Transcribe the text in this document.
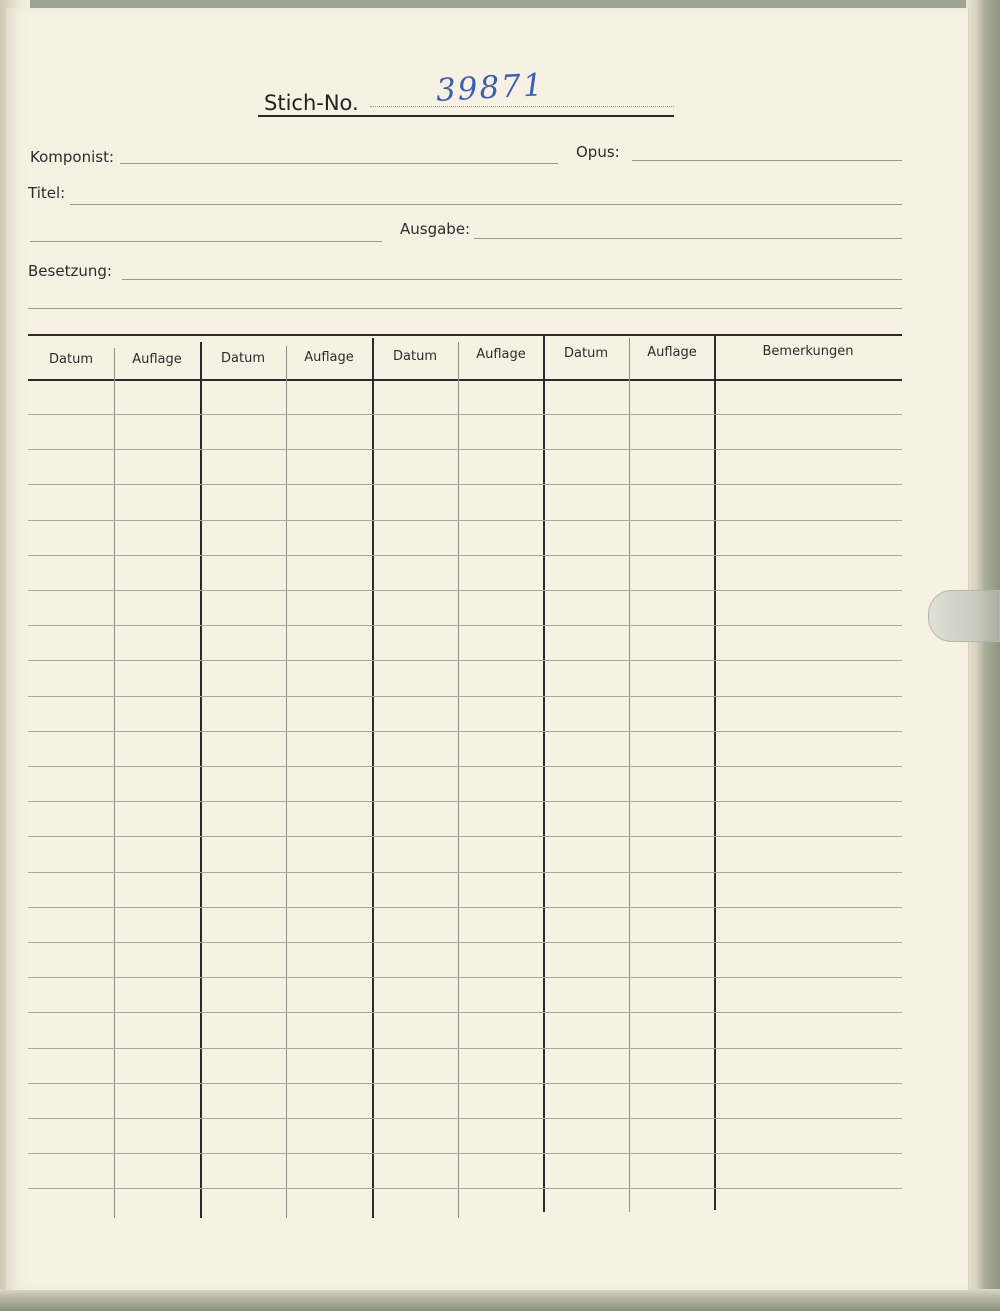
Stich-No. 39871
Komponist:	Opus:
Titel:
Ausgabe:
Besetzung:
Datum	Auflage	Datum	Auflage	Datum	Auflage	Datum	Auflage	Bemerkungen
